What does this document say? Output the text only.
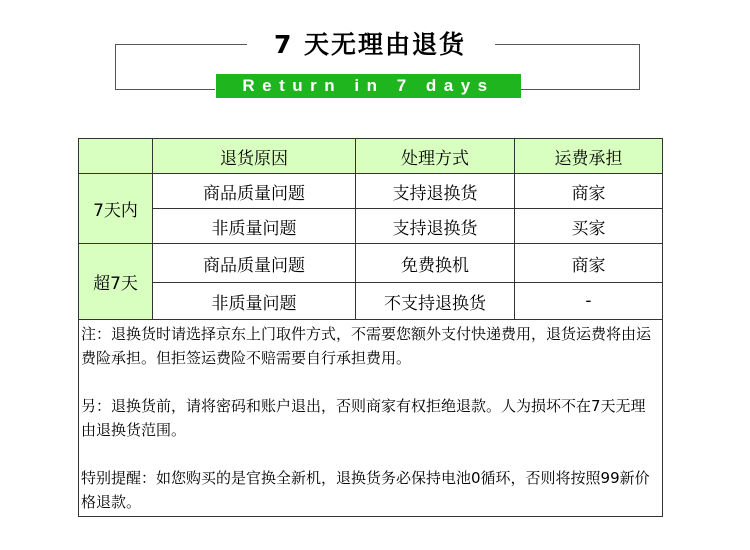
7 天无理由退货
Return in 7 days
	退货原因	处理方式	运费承担
7天内	商品质量问题	支持退换货	商家
	非质量问题	支持退换货	买家
超7天	商品质量问题	免费换机	商家
	非质量问题	不支持退换货	-

注：退换货时请选择京东上门取件方式，不需要您额外支付快递费用，退货运费将由运费险承担。但拒签运费险不赔需要自行承担费用。

另：退换货前，请将密码和账户退出，否则商家有权拒绝退款。人为损坏不在7天无理由退换货范围。

特别提醒：如您购买的是官换全新机，退换货务必保持电池0循环，否则将按照99新价格退款。			
